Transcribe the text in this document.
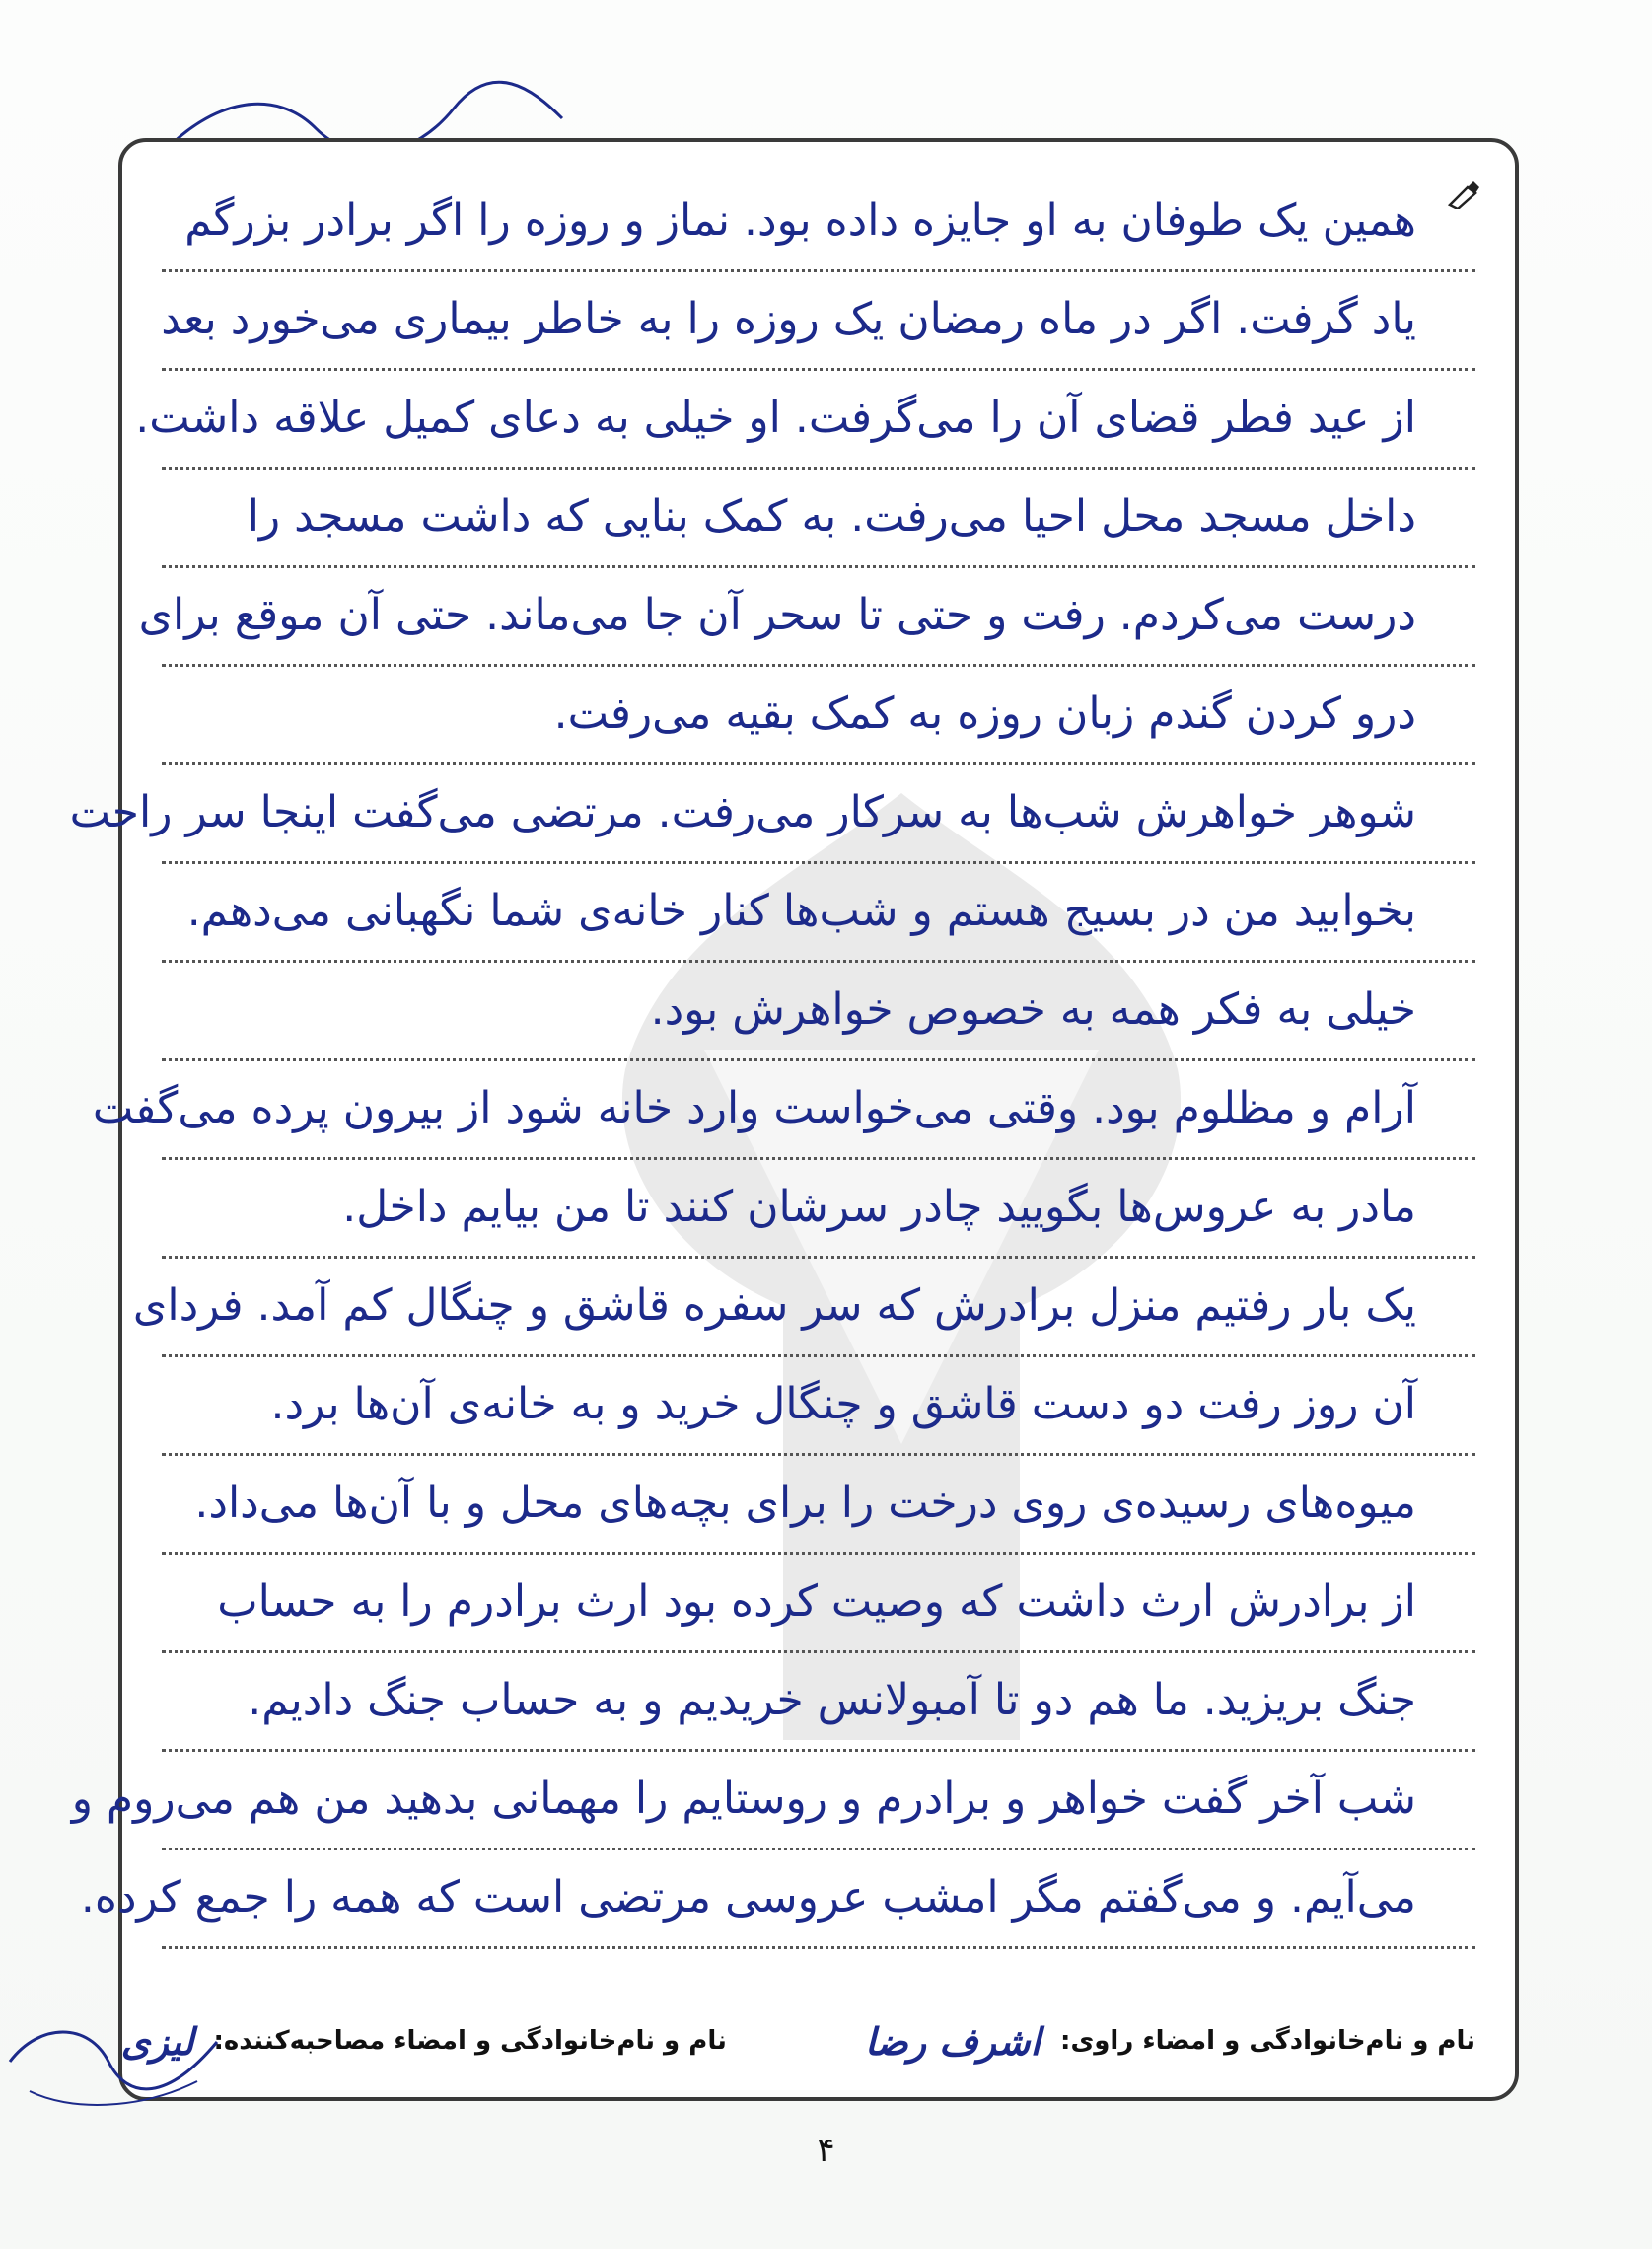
همین یک طوفان به او جایزه داده بود. نماز و روزه را اگر برادر بزرگم
یاد گرفت. اگر در ماه رمضان یک روزه را به خاطر بیماری می‌خورد بعد
از عید فطر قضای آن را می‌گرفت. او خیلی به دعای کمیل علاقه داشت.
داخل مسجد محل احیا می‌رفت. به کمک بنایی که داشت مسجد را
درست می‌کردم. رفت و حتی تا سحر آن جا می‌ماند. حتی آن موقع برای
درو کردن گندم زبان روزه به کمک بقیه می‌رفت.
شوهر خواهرش شب‌ها به سرکار می‌رفت. مرتضی می‌گفت اینجا سر راحت
بخوابید من در بسیج هستم و شب‌ها کنار خانه‌ی شما نگهبانی می‌دهم.
خیلی به فکر همه به خصوص خواهرش بود.
آرام و مظلوم بود. وقتی می‌خواست وارد خانه شود از بیرون پرده می‌گفت
مادر به عروس‌ها بگویید چادر سرشان کنند تا من بیایم داخل.
یک بار رفتیم منزل برادرش که سر سفره قاشق و چنگال کم آمد. فردای
آن روز رفت دو دست قاشق و چنگال خرید و به خانه‌ی آن‌ها برد.
میوه‌های رسیده‌ی روی درخت را برای بچه‌های محل و با آن‌ها می‌داد.
از برادرش ارث داشت که وصیت کرده بود ارث برادرم را به حساب
جنگ بریزید. ما هم دو تا آمبولانس خریدیم و به حساب جنگ دادیم.
شب آخر گفت خواهر و برادرم و روستایم را مهمانی بدهید من هم می‌روم و
می‌آیم. و می‌گفتم مگر امشب عروسی مرتضی است که همه را جمع کرده.
نام و نام‌خانوادگی و امضاء راوی:
اشرف رضا
نام و نام‌خانوادگی و امضاء مصاحبه‌کننده:
لیزی
۴
